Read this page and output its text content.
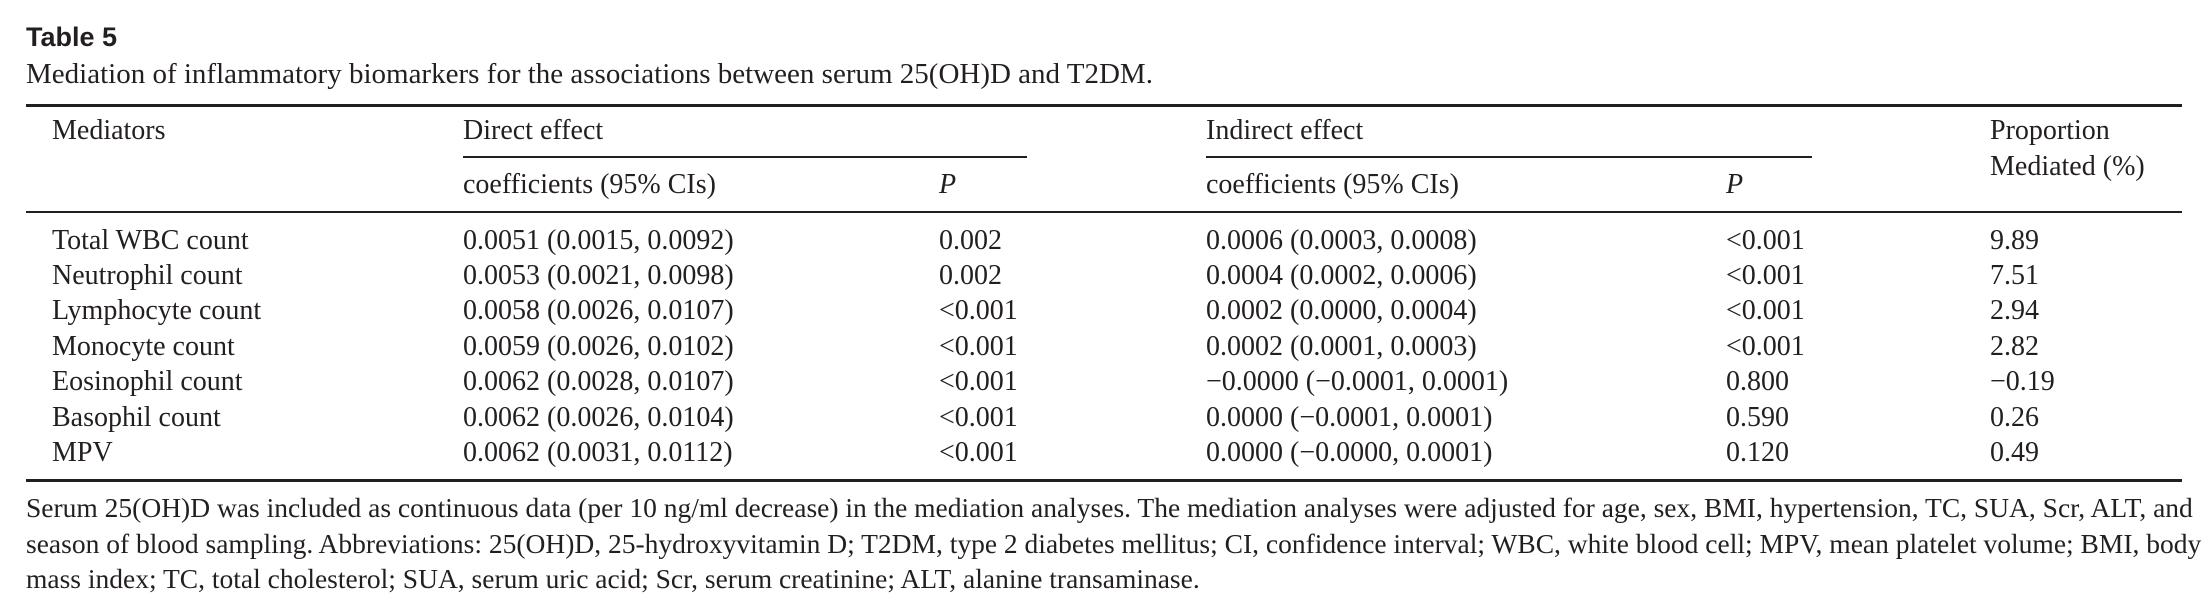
Table 5

Mediation of inflammatory biomarkers for the associations between serum 25(OH)D and T2DM.

Mediators	Direct effect	Indirect effect	Proportion
Mediated (%)
coefficients (95% CIs)	P	coefficients (95% CIs)	P
Total WBC count	0.0051 (0.0015, 0.0092)	0.002	0.0006 (0.0003, 0.0008)	<0.001	9.89
Neutrophil count	0.0053 (0.0021, 0.0098)	0.002	0.0004 (0.0002, 0.0006)	<0.001	7.51
Lymphocyte count	0.0058 (0.0026, 0.0107)	<0.001	0.0002 (0.0000, 0.0004)	<0.001	2.94
Monocyte count	0.0059 (0.0026, 0.0102)	<0.001	0.0002 (0.0001, 0.0003)	<0.001	2.82
Eosinophil count	0.0062 (0.0028, 0.0107)	<0.001	−0.0000 (−0.0001, 0.0001)	0.800	−0.19
Basophil count	0.0062 (0.0026, 0.0104)	<0.001	0.0000 (−0.0001, 0.0001)	0.590	0.26
MPV	0.0062 (0.0031, 0.0112)	<0.001	0.0000 (−0.0000, 0.0001)	0.120	0.49

Serum 25(OH)D was included as continuous data (per 10 ng/ml decrease) in the mediation analyses. The mediation analyses were adjusted for age, sex, BMI, hypertension, TC, SUA, Scr, ALT, and season of blood sampling. Abbreviations: 25(OH)D, 25-hydroxyvitamin D; T2DM, type 2 diabetes mellitus; CI, confidence interval; WBC, white blood cell; MPV, mean platelet volume; BMI, body mass index; TC, total cholesterol; SUA, serum uric acid; Scr, serum creatinine; ALT, alanine transaminase.
